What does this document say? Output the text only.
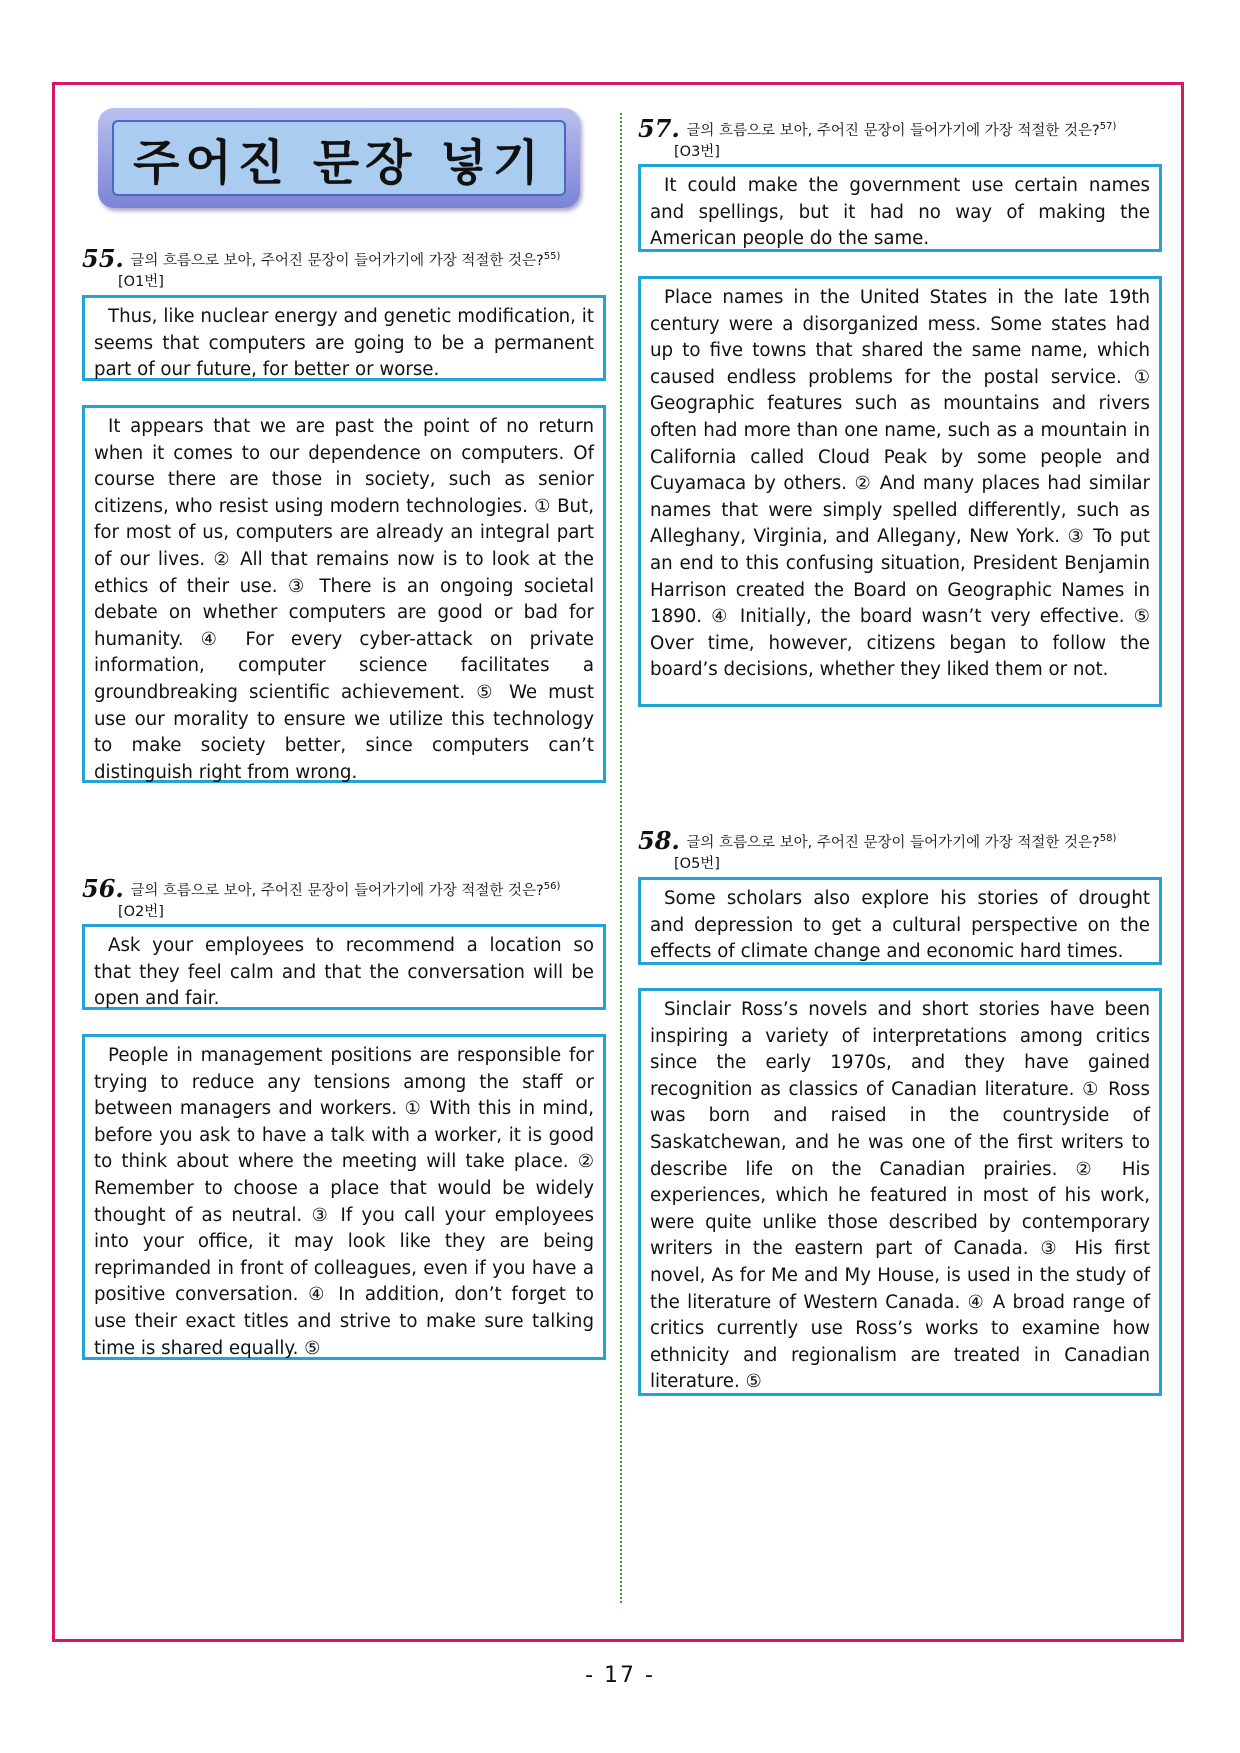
주어진 문장 넣기
55. 글의 흐름으로 보아, 주어진 문장이 들어가기에 가장 적절한 것은?$^{55)}$
[O1번]

Thus, like nuclear energy and genetic modification, it seems that computers are going to be a permanent part of our future, for better or worse.

It appears that we are past the point of no return when it comes to our dependence on computers. Of course there are those in society, such as senior citizens, who resist using modern technologies. ① But, for most of us, computers are already an integral part of our lives. ② All that remains now is to look at the ethics of their use. ③ There is an ongoing societal debate on whether computers are good or bad for humanity. ④ For every cyber-attack on private information, computer science facilitates a groundbreaking scientific achievement. ⑤ We must use our morality to ensure we utilize this technology to make society better, since computers can’t distinguish right from wrong.

56. 글의 흐름으로 보아, 주어진 문장이 들어가기에 가장 적절한 것은?$^{56)}$
[O2번]

Ask your employees to recommend a location so that they feel calm and that the conversation will be open and fair.

People in management positions are responsible for trying to reduce any tensions among the staff or between managers and workers. ① With this in mind, before you ask to have a talk with a worker, it is good to think about where the meeting will take place. ② Remember to choose a place that would be widely thought of as neutral. ③ If you call your employees into your office, it may look like they are being reprimanded in front of colleagues, even if you have a positive conversation. ④ In addition, don’t forget to use their exact titles and strive to make sure talking time is shared equally. ⑤

57. 글의 흐름으로 보아, 주어진 문장이 들어가기에 가장 적절한 것은?$^{57)}$
[O3번]

It could make the government use certain names and spellings, but it had no way of making the American people do the same.

Place names in the United States in the late 19th century were a disorganized mess. Some states had up to five towns that shared the same name, which caused endless problems for the postal service. ① Geographic features such as mountains and rivers often had more than one name, such as a mountain in California called Cloud Peak by some people and Cuyamaca by others. ② And many places had similar names that were simply spelled differently, such as Alleghany, Virginia, and Allegany, New York. ③ To put an end to this confusing situation, President Benjamin Harrison created the Board on Geographic Names in 1890. ④ Initially, the board wasn’t very effective. ⑤ Over time, however, citizens began to follow the board’s decisions, whether they liked them or not.

58. 글의 흐름으로 보아, 주어진 문장이 들어가기에 가장 적절한 것은?$^{58)}$
[O5번]

Some scholars also explore his stories of drought and depression to get a cultural perspective on the effects of climate change and economic hard times.

Sinclair Ross’s novels and short stories have been inspiring a variety of interpretations among critics since the early 1970s, and they have gained recognition as classics of Canadian literature. ① Ross was born and raised in the countryside of Saskatchewan, and he was one of the first writers to describe life on the Canadian prairies. ② His experiences, which he featured in most of his work, were quite unlike those described by contemporary writers in the eastern part of Canada. ③ His first novel, As for Me and My House, is used in the study of the literature of Western Canada. ④ A broad range of critics currently use Ross’s works to examine how ethnicity and regionalism are treated in Canadian literature. ⑤

- 17 -
